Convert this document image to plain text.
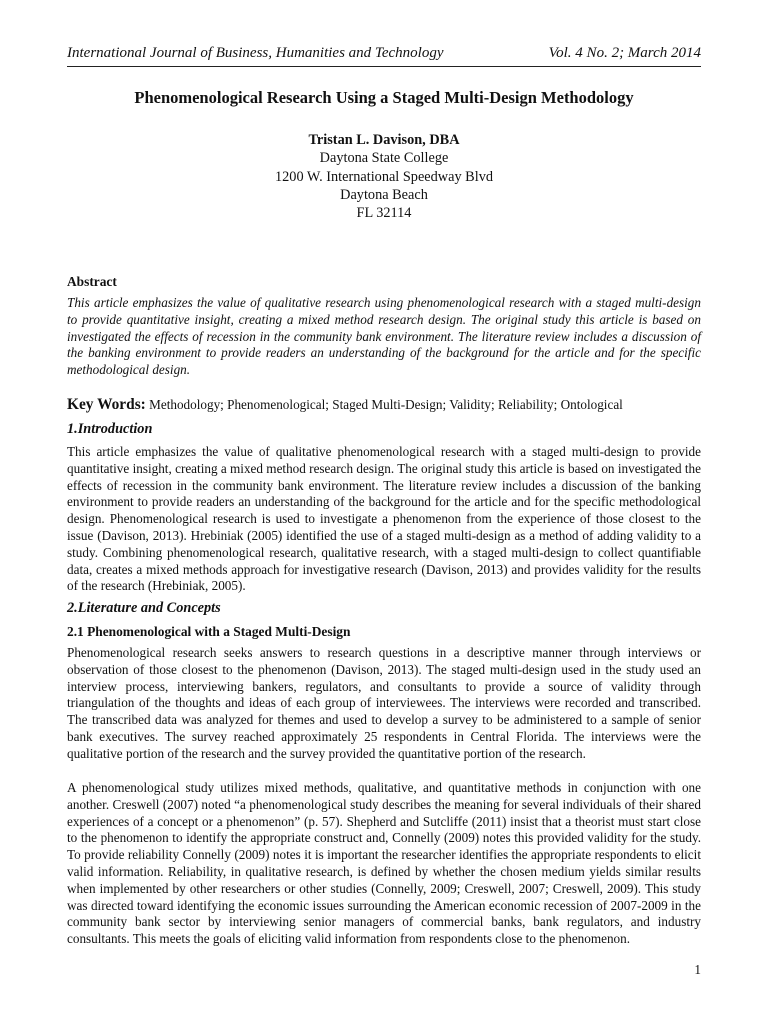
International Journal of Business, Humanities and Technology	Vol. 4 No. 2; March 2014
Phenomenological Research Using a Staged Multi-Design Methodology
Tristan L. Davison, DBA
Daytona State College
1200 W. International Speedway Blvd
Daytona Beach
FL 32114
Abstract

This article emphasizes the value of qualitative research using phenomenological research with a staged multi-design to provide quantitative insight, creating a mixed method research design. The original study this article is based on investigated the effects of recession in the community bank environment. The literature review includes a discussion of the banking environment to provide readers an understanding of the background for the article and for the specific methodological design.

Key Words: Methodology; Phenomenological; Staged Multi-Design; Validity; Reliability; Ontological
1.Introduction

This article emphasizes the value of qualitative phenomenological research with a staged multi-design to provide quantitative insight, creating a mixed method research design. The original study this article is based on investigated the effects of recession in the community bank environment. The literature review includes a discussion of the banking environment to provide readers an understanding of the background for the article and for the specific methodological design. Phenomenological research is used to investigate a phenomenon from the experience of those closest to the issue (Davison, 2013). Hrebiniak (2005) identified the use of a staged multi-design as a method of adding validity to a study. Combining phenomenological research, qualitative research, with a staged multi-design to collect quantifiable data, creates a mixed methods approach for investigative research (Davison, 2013) and provides validity for the results of the research (Hrebiniak, 2005).

2.Literature and Concepts
2.1 Phenomenological with a Staged Multi-Design

Phenomenological research seeks answers to research questions in a descriptive manner through interviews or observation of those closest to the phenomenon (Davison, 2013). The staged multi-design used in the study used an interview process, interviewing bankers, regulators, and consultants to provide a source of validity through triangulation of the thoughts and ideas of each group of interviewees. The interviews were recorded and transcribed. The transcribed data was analyzed for themes and used to develop a survey to be administered to a sample of senior bank executives. The survey reached approximately 25 respondents in Central Florida. The interviews were the qualitative portion of the research and the survey provided the quantitative portion of the research.

A phenomenological study utilizes mixed methods, qualitative, and quantitative methods in conjunction with one another. Creswell (2007) noted “a phenomenological study describes the meaning for several individuals of their shared experiences of a concept or a phenomenon” (p. 57). Shepherd and Sutcliffe (2011) insist that a theorist must start close to the phenomenon to identify the appropriate construct and, Connelly (2009) notes this provided validity for the study. To provide reliability Connelly (2009) notes it is important the researcher identifies the appropriate respondents to elicit valid information. Reliability, in qualitative research, is defined by whether the chosen medium yields similar results when implemented by other researchers or other studies (Connelly, 2009; Creswell, 2007; Creswell, 2009). This study was directed toward identifying the economic issues surrounding the American economic recession of 2007-2009 in the community bank sector by interviewing senior managers of commercial banks, bank regulators, and industry consultants. This meets the goals of eliciting valid information from respondents close to the phenomenon.

1
